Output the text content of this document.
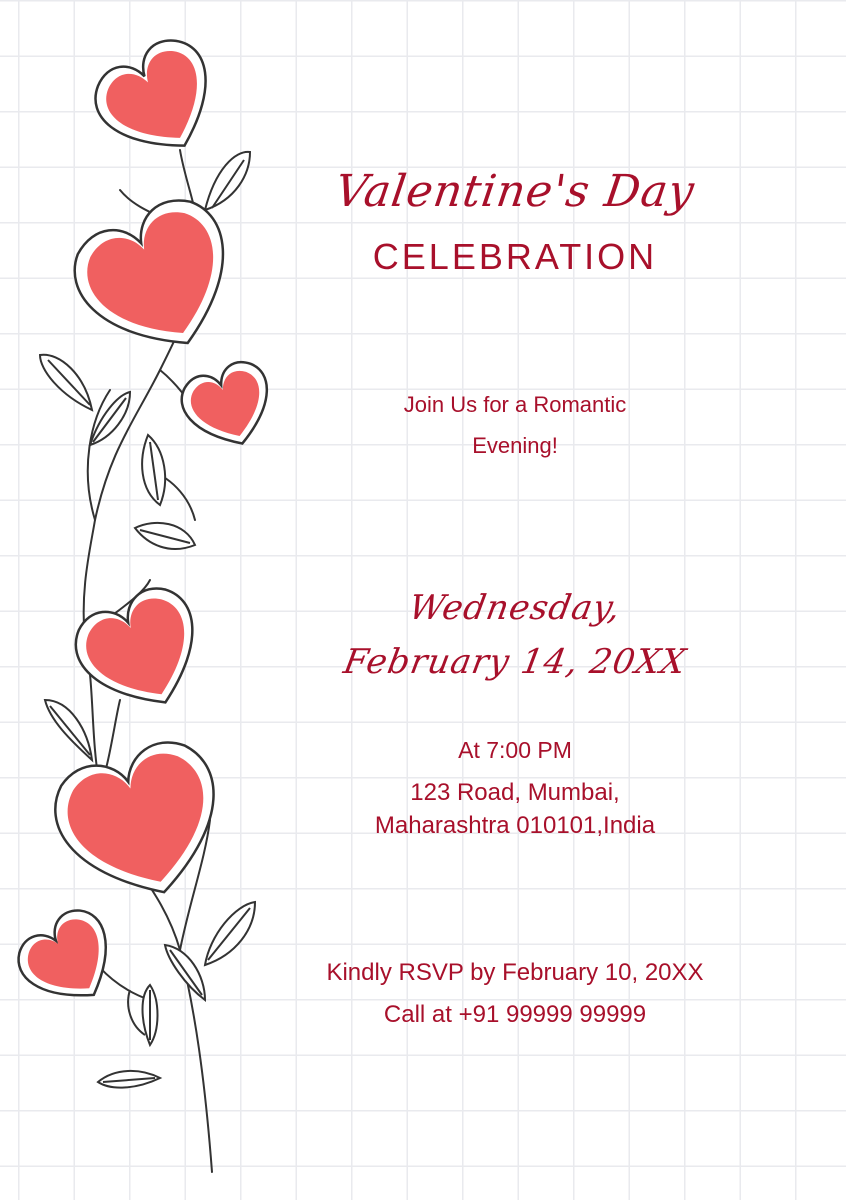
Valentine's Day
CELEBRATION
Join Us for a Romantic
Evening!
Wednesday,
February 14, 20XX
At 7:00 PM
123 Road, Mumbai,
Maharashtra 010101,India
Kindly RSVP by February 10, 20XX
Call at +91 99999 99999
